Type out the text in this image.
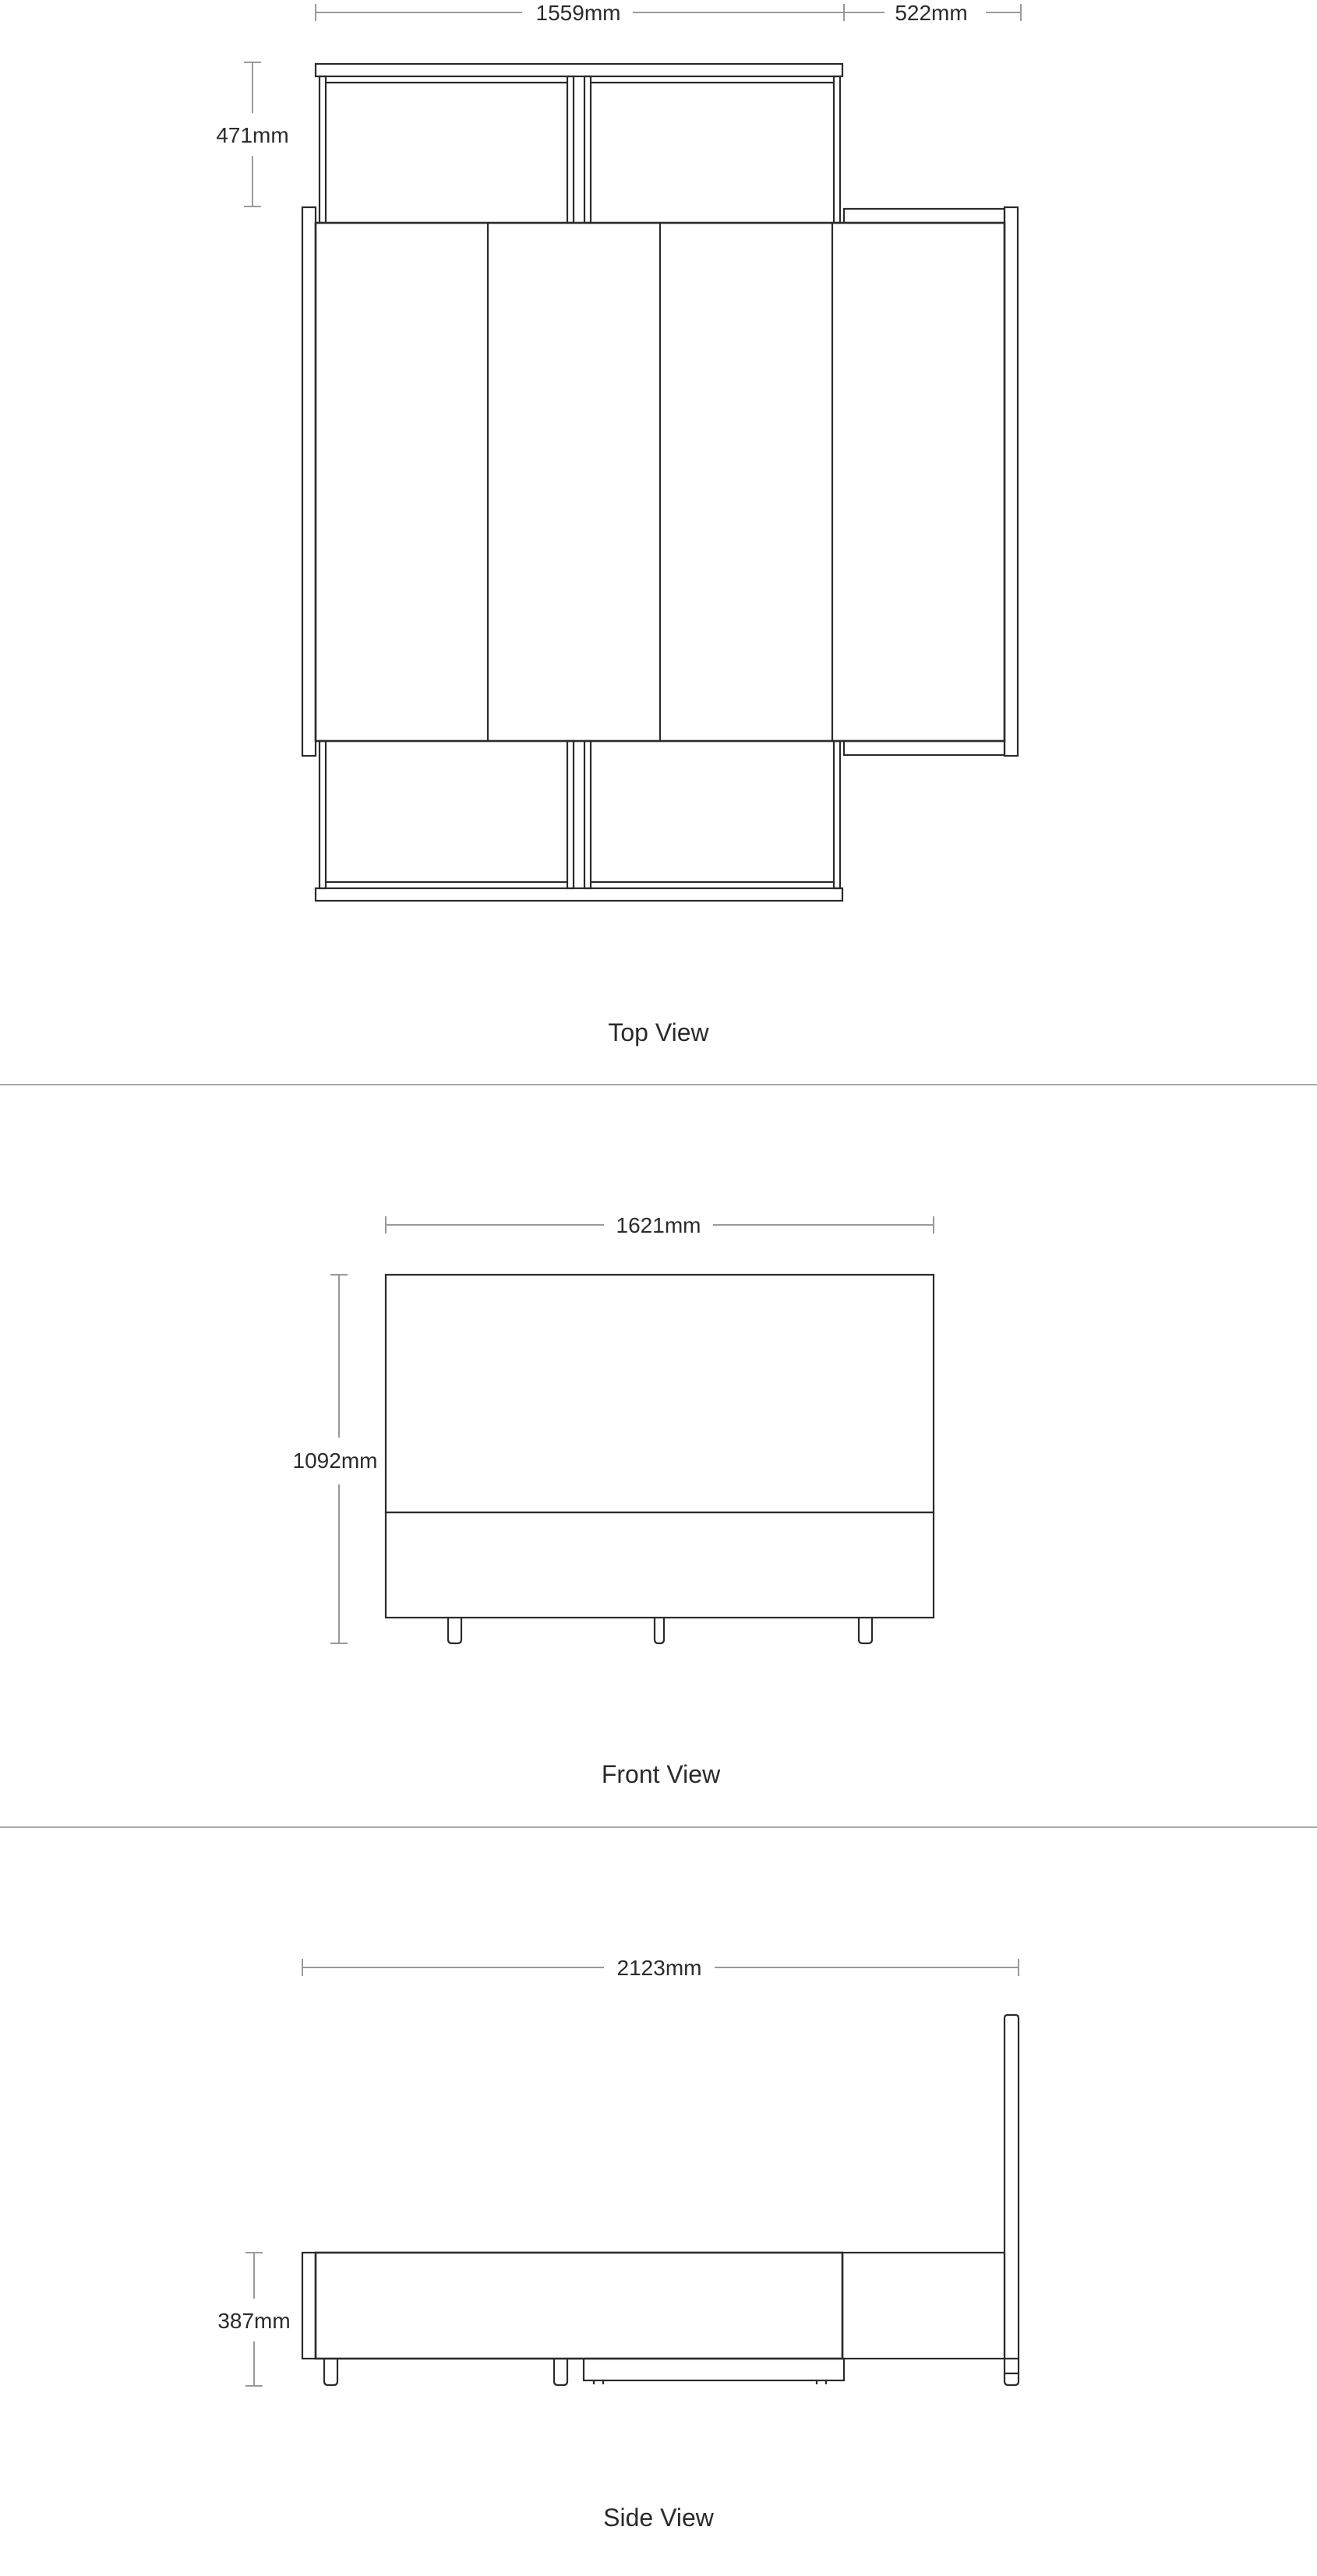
1559mm	522mm
471mm
Top View
1621mm
1092mm
Front View
2123mm
387mm
Side View
